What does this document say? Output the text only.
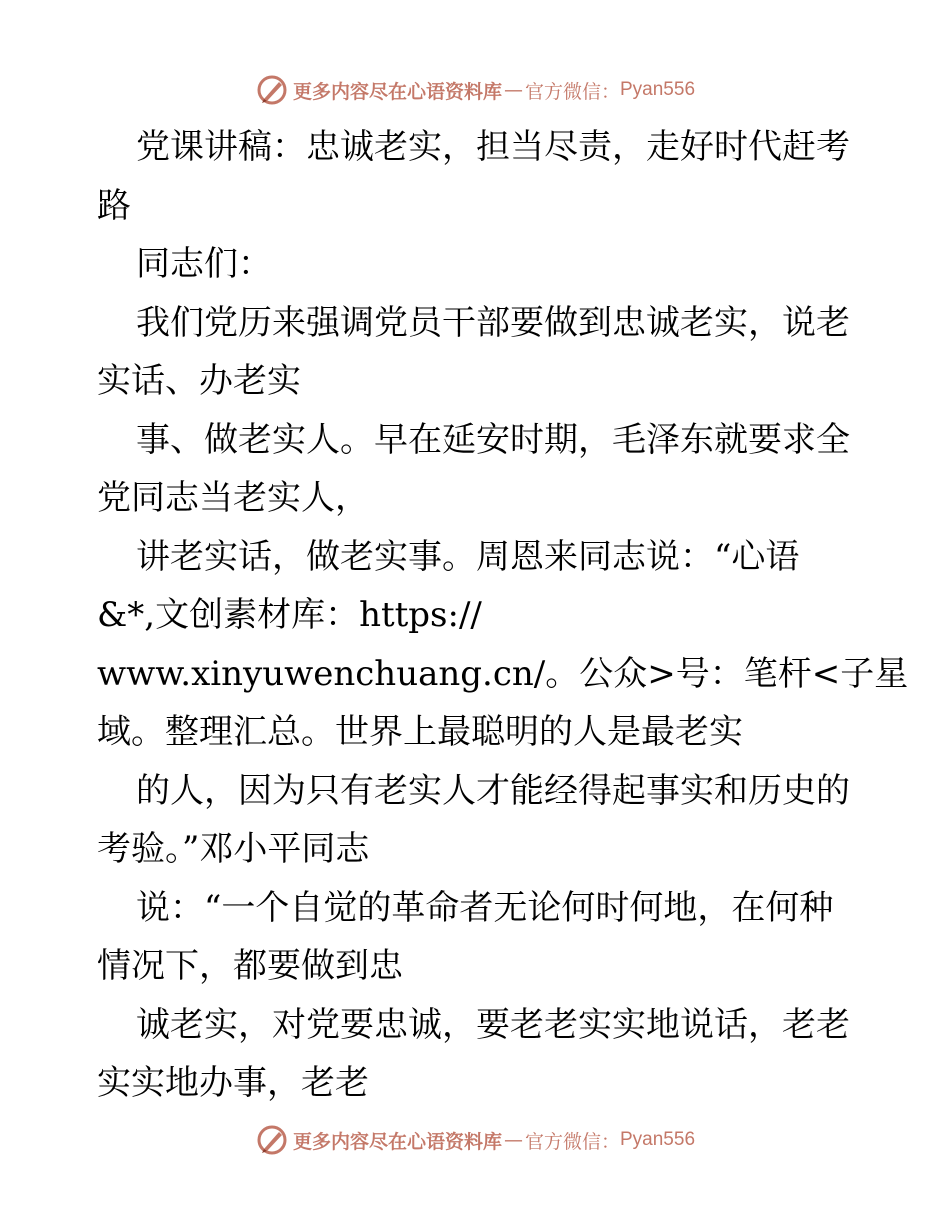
更多内容尽在心语资料库 — 官方微信： Pyan556
党课讲稿：忠诚老实，担当尽责，走好时代赶考
路
同志们：
我们党历来强调党员干部要做到忠诚老实，说老
实话、办老实
事、做老实人。早在延安时期，毛泽东就要求全
党同志当老实人，
讲老实话，做老实事。周恩来同志说：“心语
&*,文创素材库：https://
www.xinyuwenchuang.cn/。公众>号：笔杆<子星
域。整理汇总。世界上最聪明的人是最老实
的人，因为只有老实人才能经得起事实和历史的
考验。”邓小平同志
说：“一个自觉的革命者无论何时何地，在何种
情况下，都要做到忠
诚老实，对党要忠诚，要老老实实地说话，老老
实实地办事，老老
更多内容尽在心语资料库 — 官方微信： Pyan556
